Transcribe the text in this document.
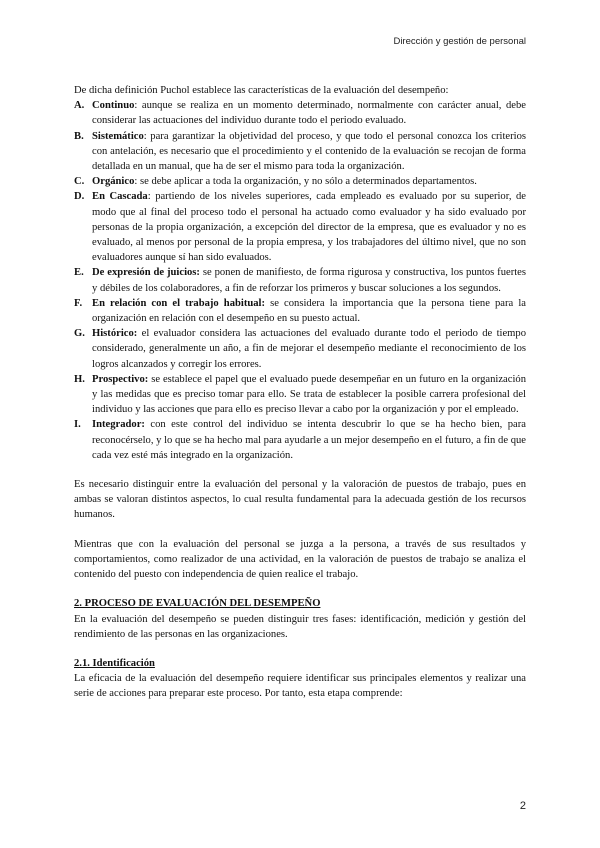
Dirección y gestión de personal

De dicha definición Puchol establece las características de la evaluación del desempeño:

A. Continuo: aunque se realiza en un momento determinado, normalmente con carácter anual, debe considerar las actuaciones del individuo durante todo el periodo evaluado.
B. Sistemático: para garantizar la objetividad del proceso, y que todo el personal conozca los criterios con antelación, es necesario que el procedimiento y el contenido de la evaluación se recojan de forma detallada en un manual, que ha de ser el mismo para toda la organización.
C. Orgánico: se debe aplicar a toda la organización, y no sólo a determinados departamentos.
D. En Cascada: partiendo de los niveles superiores, cada empleado es evaluado por su superior, de modo que al final del proceso todo el personal ha actuado como evaluador y ha sido evaluado por personas de la propia organización, a excepción del director de la empresa, que es evaluador y no es evaluado, al menos por personal de la propia empresa, y los trabajadores del último nivel, que no son evaluadores aunque sí han sido evaluados.
E. De expresión de juicios: se ponen de manifiesto, de forma rigurosa y constructiva, los puntos fuertes y débiles de los colaboradores, a fin de reforzar los primeros y buscar soluciones a los segundos.
F. En relación con el trabajo habitual: se considera la importancia que la persona tiene para la organización en relación con el desempeño en su puesto actual.
G. Histórico: el evaluador considera las actuaciones del evaluado durante todo el periodo de tiempo considerado, generalmente un año, a fin de mejorar el desempeño mediante el reconocimiento de los logros alcanzados y corregir los errores.
H. Prospectivo: se establece el papel que el evaluado puede desempeñar en un futuro en la organización y las medidas que es preciso tomar para ello. Se trata de establecer la posible carrera profesional del individuo y las acciones que para ello es preciso llevar a cabo por la organización y por el empleado.
I. Integrador: con este control del individuo se intenta descubrir lo que se ha hecho bien, para reconocérselo, y lo que se ha hecho mal para ayudarle a un mejor desempeño en el futuro, a fin de que cada vez esté más integrado en la organización.

Es necesario distinguir entre la evaluación del personal y la valoración de puestos de trabajo, pues en ambas se valoran distintos aspectos, lo cual resulta fundamental para la adecuada gestión de los recursos humanos.

Mientras que con la evaluación del personal se juzga a la persona, a través de sus resultados y comportamientos, como realizador de una actividad, en la valoración de puestos de trabajo se analiza el contenido del puesto con independencia de quien realice el trabajo.

2. PROCESO DE EVALUACIÓN DEL DESEMPEÑO

En la evaluación del desempeño se pueden distinguir tres fases: identificación, medición y gestión del rendimiento de las personas en las organizaciones.

2.1. Identificación

La eficacia de la evaluación del desempeño requiere identificar sus principales elementos y realizar una serie de acciones para preparar este proceso. Por tanto, esta etapa comprende:

2
